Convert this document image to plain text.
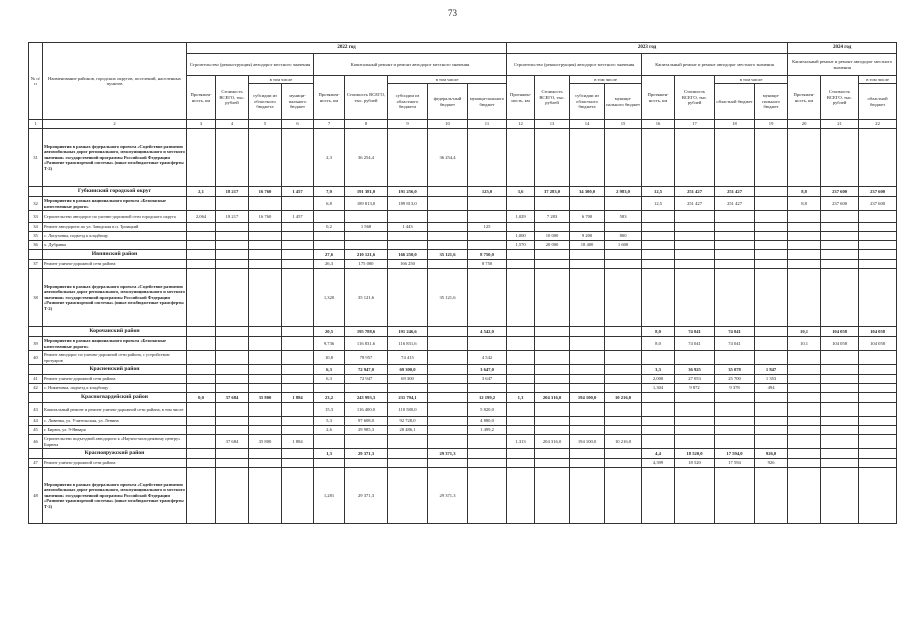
73
№ п/п	Наименование районов, городских округов, поселений, населенных пунктов	2022 год									2023 год								2024 год		
		Строительство (реконструкция) автодорог местного значения				Капитальный ремонт и ремонт автодорог местного значения					Строительство (реконструкция) автодорог местного значения				Капитальный ремонт и ремонт автодорог местного значения				Капитальный ремонт и ремонт автодорог местного значения		
		Протяжен-ность, км	Стоимость ВСЕГО, тыс. рублей	в том числе		Протяжен-ность, км	Стоимость ВСЕГО, тыс. рублей	в том числе			Протяжен-ность, км	Стоимость ВСЕГО, тыс. рублей	в том числе		Протяжен-ность, км	Стоимость ВСЕГО, тыс. рублей	в том числе		Протяжен-ность, км	Стоимость ВСЕГО, тыс. рублей	в том числе
				субсидии из областного бюджета	муници-пального бюджет			субсидии из областного бюджета	федераль-ный бюджет	муници-пального бюджет			субсидии из областного бюджета	муници-пального бюджет			областной бюджет	муници-пального бюджет			областной бюджет
1	2	3	4	5	6	7	8	9	10	11	12	13	14	15	16	17	18	19	20	21	22
31	Мероприятия в рамках федерального проекта «Содействие развитию автомобильных дорог регионального, межмуниципального и местного значения» государственной программы Российской Федерации «Развитие транспортной системы» (иные межбюджетные трансферты Т-2)					2,3	36 254,4		36 254,4												
	Губкинский городской округ	2,1	18 217	16 760	1 457	7,0	191 381,0	191 256,0		125,0	3,6	37 283,0	34 300,0	2 983,0	12,5	251 427	251 427		8,8	237 600	237 600
32	Мероприятия в рамках национального проекта «Безопасные качественные дороги»					6,8	189 813,0	189 813,0							12,5	251 427	251 427		8,8	237 600	237 600
33	Строительство автодорог по улично-дорожной сети городского округа	2,064	18 217	16 760	1 457						1,029	7 283	6 700	583							
34	Ремонт автодороги по ул. Заводская в п. Троицкий					0,2	1 568	1 443		125											
35	с. Лопуховка, подъезд к кладбищу										1,000	10 000	9 200	800							
36	х. Дубравка										1,570	20 000	18 400	1 600							
	Ивнянский район					27,6	210 121,6	166 250,0	35 121,6	8 750,0											
37	Ремонт улично-дорожной сети района					26,3	175 000	166 250		8 750											
38	Мероприятия в рамках федерального проекта «Содействие развитию автомобильных дорог регионального, межмуниципального и местного значения» государственной программы Российской Федерации «Развитие транспортной системы» (иные межбюджетные трансферты Т-2)					1,320	35 121,6		35 121,6												
	Корочанский район					20,5	195 788,6	191 246,6		4 542,0					8,0	74 041	74 041		10,1	104 058	104 058
39	Мероприятия в рамках национального проекта «Безопасные качественные дороги»					9,736	116 831,6	116 831,6							8,0	74 041	74 041		10,1	104 058	104 058
40	Ремонт автодорог по улично-дорожной сети района, с устройством тротуаров					10,8	78 957	74 415		4 542											
	Красненский район					6,3	72 947,0	69 300,0		3 647,0					3,3	36 925	35 078	1 847			
41	Ремонт улично-дорожной сети района					6,3	72 947	69 300		3 647					2,000	27 053	25 700	1 353			
42	с. Никитовка, подъезд к кладбищу														1,304	9 872	9 378	494			
	Красногвардейский район	0,0	37 684	35 800	1 884	23,2	243 993,3	231 794,1		12 199,2	1,3	204 316,0	194 100,0	10 216,0							
43	Капитальный ремонт и ремонт улично-дорожной сети района, в том числе					15,3	116 400,0	110 580,0		5 820,0											
44	с. Ливенка, ул. Учительская, ул. Ленина					5,3	97 608,0	92 728,0		4 880,0											
45	г. Бирюч, ул. 9-Января					2,6	29 985,3	28 486,1		1 499,2											
46	Строительство подъездной автодороги к «Научно-молодежному центру» Бирюча		37 684	35 800	1 884						1,313	204 316,0	194 100,0	10 216,0							
	Краснояружский район					1,3	29 371,3		29 371,3						4,4	18 520,0	17 594,0	926,0			
47	Ремонт улично-дорожной сети района														4,399	18 520	17 594	926			
48	Мероприятия в рамках федерального проекта «Содействие развитию автомобильных дорог регионального, межмуниципального и местного значения» государственной программы Российской Федерации «Развитие транспортной системы» (иные межбюджетные трансферты Т-2)					1,281	29 371,3		29 371,3												
